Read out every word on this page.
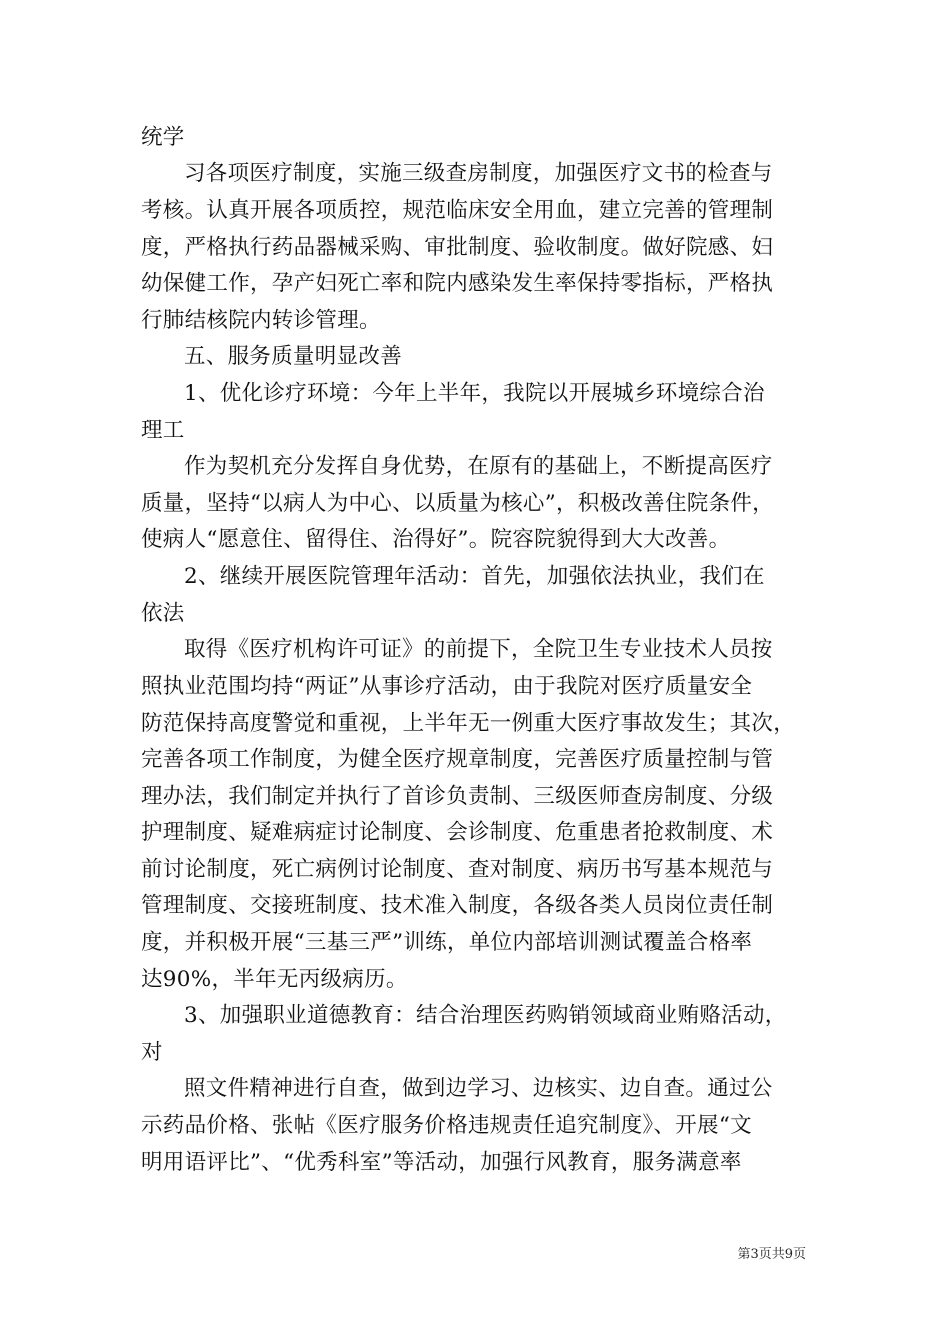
统学
习各项医疗制度，实施三级查房制度，加强医疗文书的检查与
考核。认真开展各项质控，规范临床安全用血，建立完善的管理制
度，严格执行药品器械采购、审批制度、验收制度。做好院感、妇
幼保健工作，孕产妇死亡率和院内感染发生率保持零指标，严格执
行肺结核院内转诊管理。
五、服务质量明显改善
1、优化诊疗环境：今年上半年，我院以开展城乡环境综合治
理工
作为契机充分发挥自身优势，在原有的基础上，不断提高医疗
质量，坚持“以病人为中心、以质量为核心”，积极改善住院条件，
使病人“愿意住、留得住、治得好”。院容院貌得到大大改善。
2、继续开展医院管理年活动：首先，加强依法执业，我们在
依法
取得《医疗机构许可证》的前提下，全院卫生专业技术人员按
照执业范围均持“两证”从事诊疗活动，由于我院对医疗质量安全
防范保持高度警觉和重视，上半年无一例重大医疗事故发生；其次，
完善各项工作制度，为健全医疗规章制度，完善医疗质量控制与管
理办法，我们制定并执行了首诊负责制、三级医师查房制度、分级
护理制度、疑难病症讨论制度、会诊制度、危重患者抢救制度、术
前讨论制度，死亡病例讨论制度、查对制度、病历书写基本规范与
管理制度、交接班制度、技术准入制度，各级各类人员岗位责任制
度，并积极开展“三基三严”训练，单位内部培训测试覆盖合格率
达90%，半年无丙级病历。
3、加强职业道德教育：结合治理医药购销领域商业贿赂活动，
对
照文件精神进行自查，做到边学习、边核实、边自查。通过公
示药品价格、张帖《医疗服务价格违规责任追究制度》、开展“文
明用语评比”、“优秀科室”等活动，加强行风教育，服务满意率
第3页共9页
